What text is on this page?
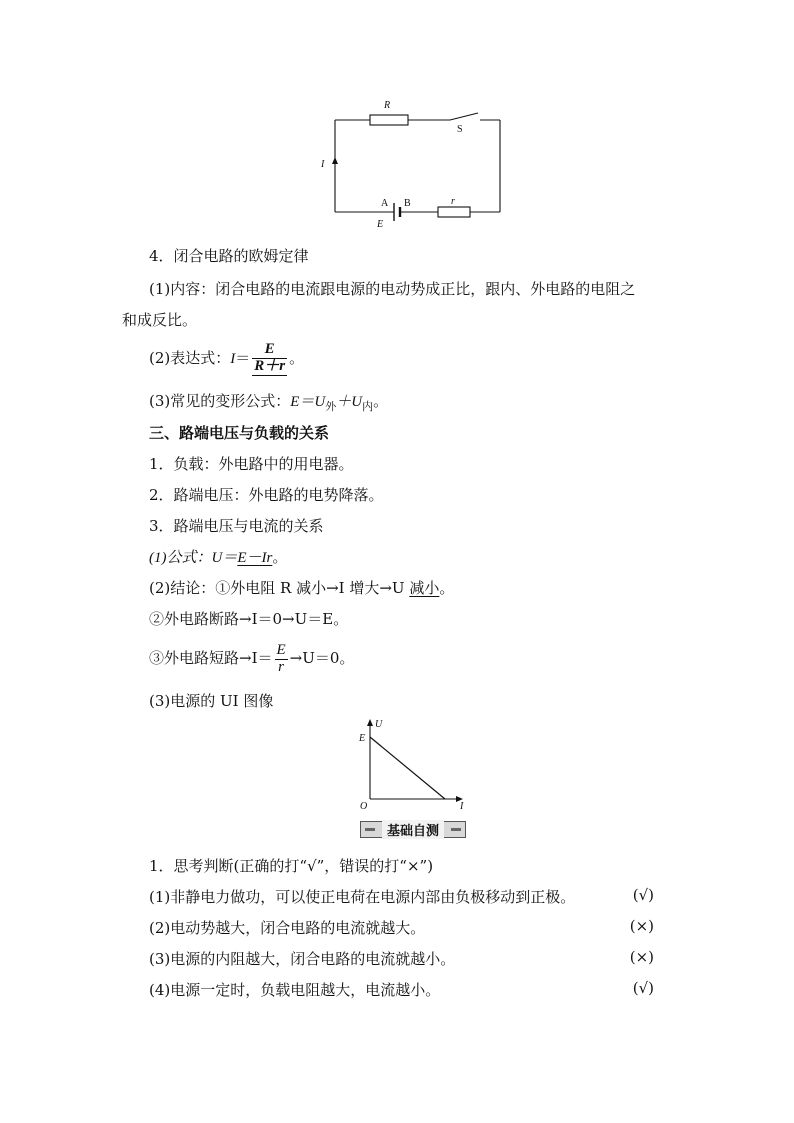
R
S
I
A B
E
r
4．闭合电路的欧姆定律
(1)内容：闭合电路的电流跟电源的电动势成正比，跟内、外电路的电阻之
和成反比。
(2)表达式：$I= \frac{E}{R+r}$ 。
(3)常见的变形公式：$E=U_外+U_内$。
三、路端电压与负载的关系
1．负载：外电路中的用电器。
2．路端电压：外电路的电势降落。
3．路端电压与电流的关系
(1)公式：U＝E－Ir。
(2)结论：①外电阻 R 减小→I 增大→U 减小。
②外电路断路→I＝0→U＝E。
③外电路短路$\to I= \frac{E}{r} \to U=0$。
(3)电源的 UI 图像
U
E
O	I
基础自测
1．思考判断(正确的打“√”，错误的打“×”)
(1)非静电力做功，可以使正电荷在电源内部由负极移动到正极。	(√)
(2)电动势越大，闭合电路的电流就越大。	(×)
(3)电源的内阻越大，闭合电路的电流就越小。	(×)
(4)电源一定时，负载电阻越大，电流越小。	(√)
